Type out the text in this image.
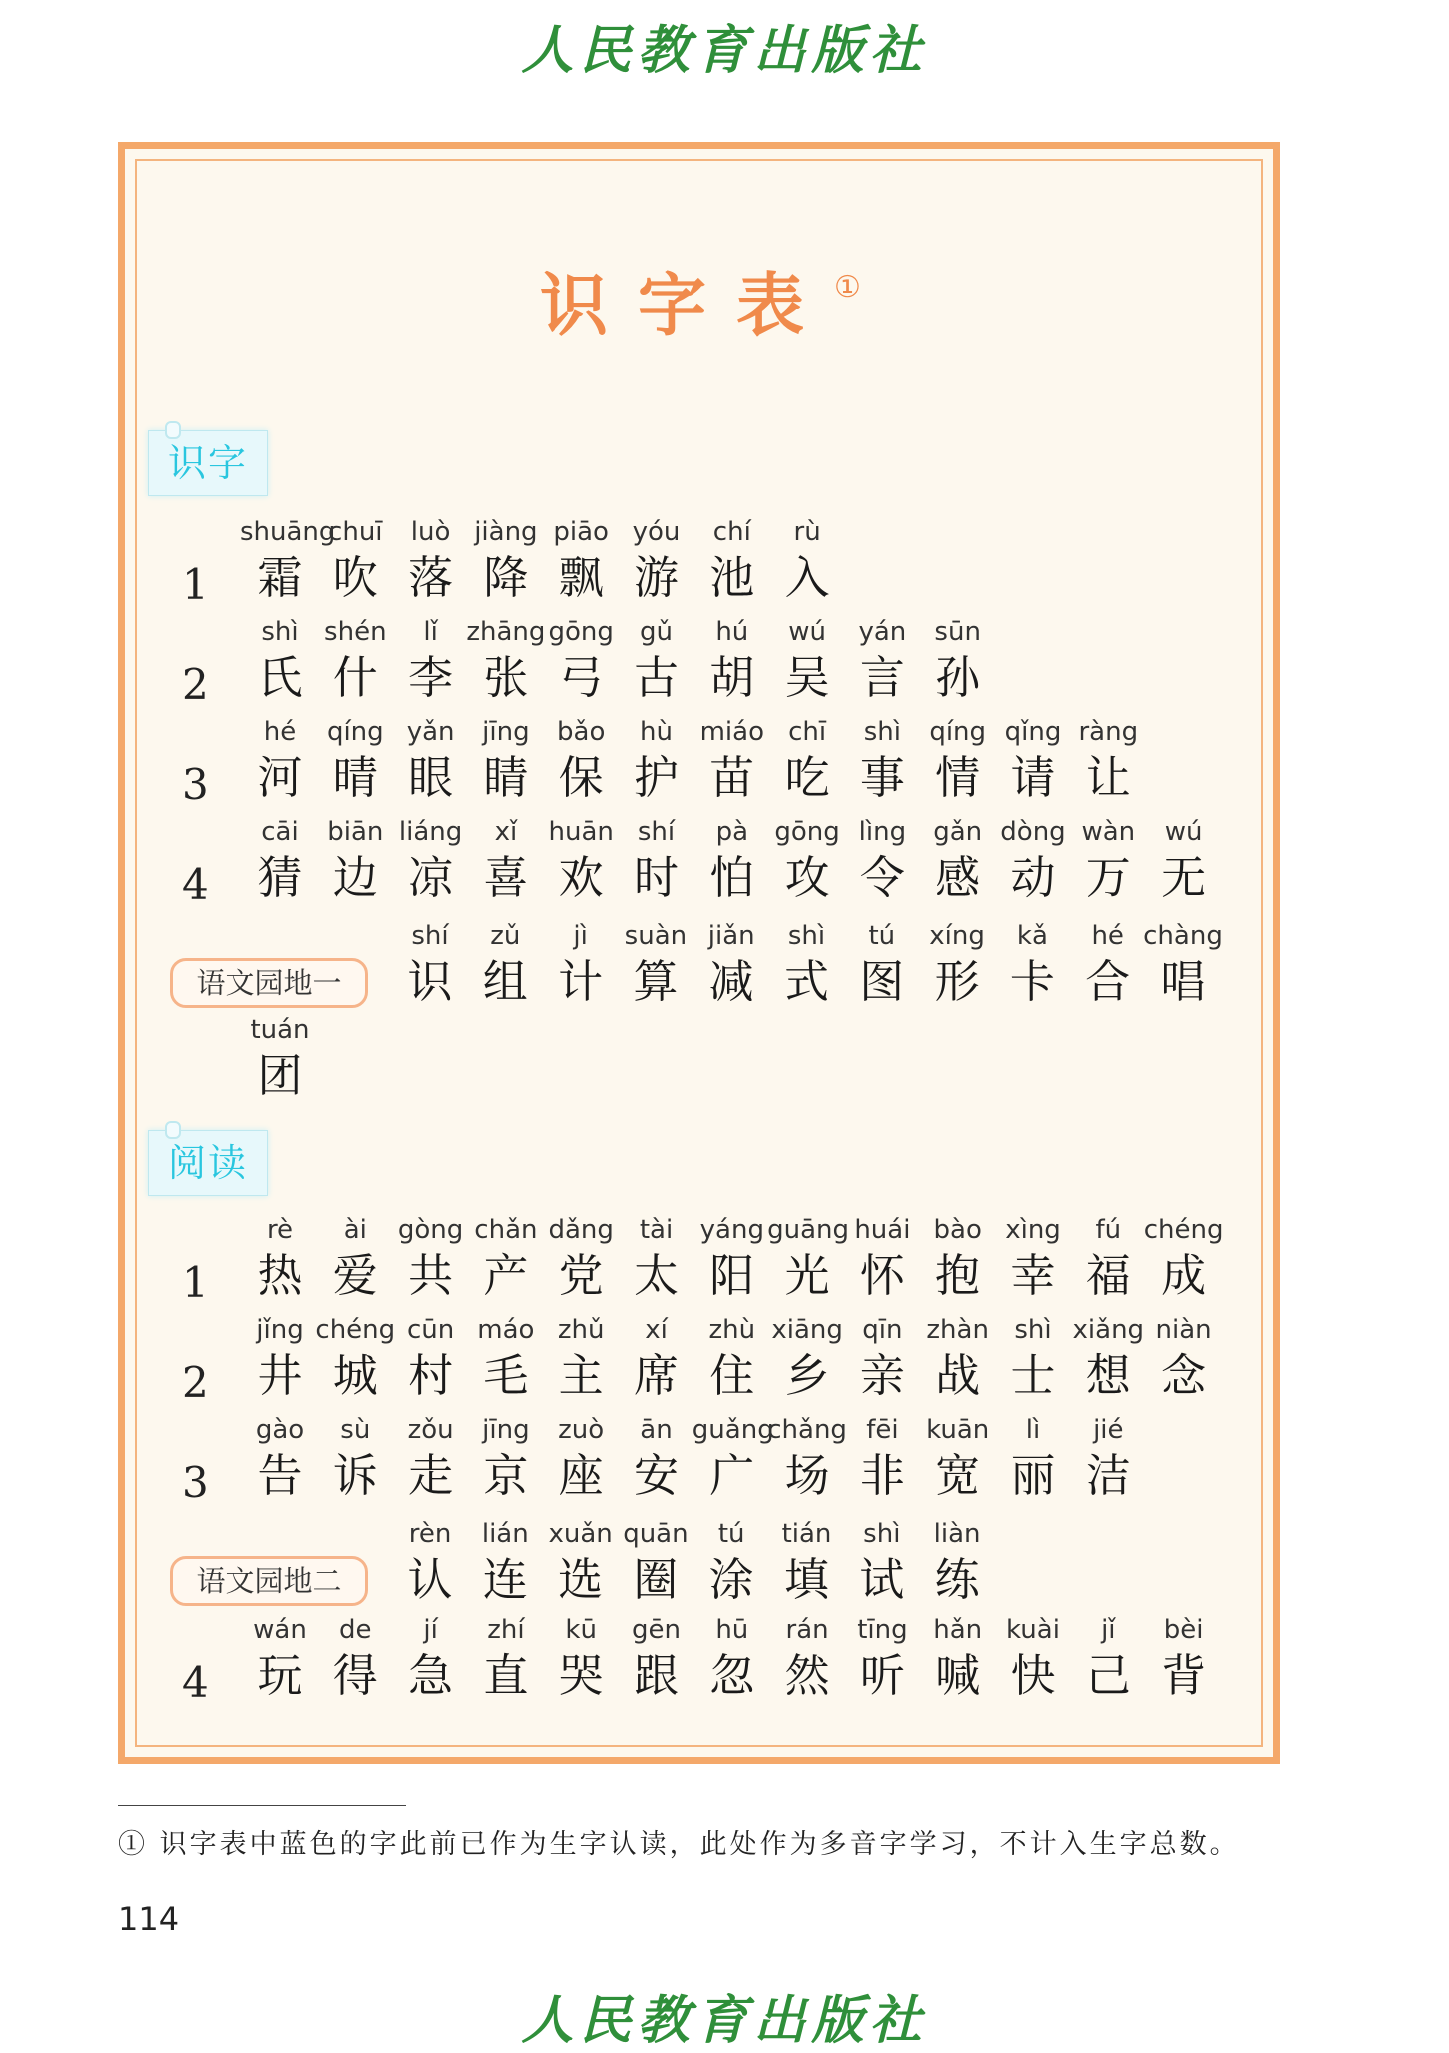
人民教育出版社
识字表①
识字
1
shuāng
霜
chuī
吹
luò
落
jiàng
降
piāo
飘
yóu
游
chí
池
rù
入
2
shì
氏
shén
什
lǐ
李
zhāng
张
gōng
弓
gǔ
古
hú
胡
wú
吴
yán
言
sūn
孙
3
hé
河
qíng
晴
yǎn
眼
jīng
睛
bǎo
保
hù
护
miáo
苗
chī
吃
shì
事
qíng
情
qǐng
请
ràng
让
4
cāi
猜
biān
边
liáng
凉
xǐ
喜
huān
欢
shí
时
pà
怕
gōng
攻
lìng
令
gǎn
感
dòng
动
wàn
万
wú
无
语文园地一
shí
识
zǔ
组
jì
计
suàn
算
jiǎn
减
shì
式
tú
图
xíng
形
kǎ
卡
hé
合
chàng
唱
tuán
团
阅读
1
rè
热
ài
爱
gòng
共
chǎn
产
dǎng
党
tài
太
yáng
阳
guāng
光
huái
怀
bào
抱
xìng
幸
fú
福
chéng
成
2
jǐng
井
chéng
城
cūn
村
máo
毛
zhǔ
主
xí
席
zhù
住
xiāng
乡
qīn
亲
zhàn
战
shì
士
xiǎng
想
niàn
念
3
gào
告
sù
诉
zǒu
走
jīng
京
zuò
座
ān
安
guǎng
广
chǎng
场
fēi
非
kuān
宽
lì
丽
jié
洁
语文园地二
rèn
认
lián
连
xuǎn
选
quān
圈
tú
涂
tián
填
shì
试
liàn
练
4
wán
玩
de
得
jí
急
zhí
直
kū
哭
gēn
跟
hū
忽
rán
然
tīng
听
hǎn
喊
kuài
快
jǐ
己
bèi
背
① 识字表中蓝色的字此前已作为生字认读，此处作为多音字学习，不计入生字总数。
114
人民教育出版社
